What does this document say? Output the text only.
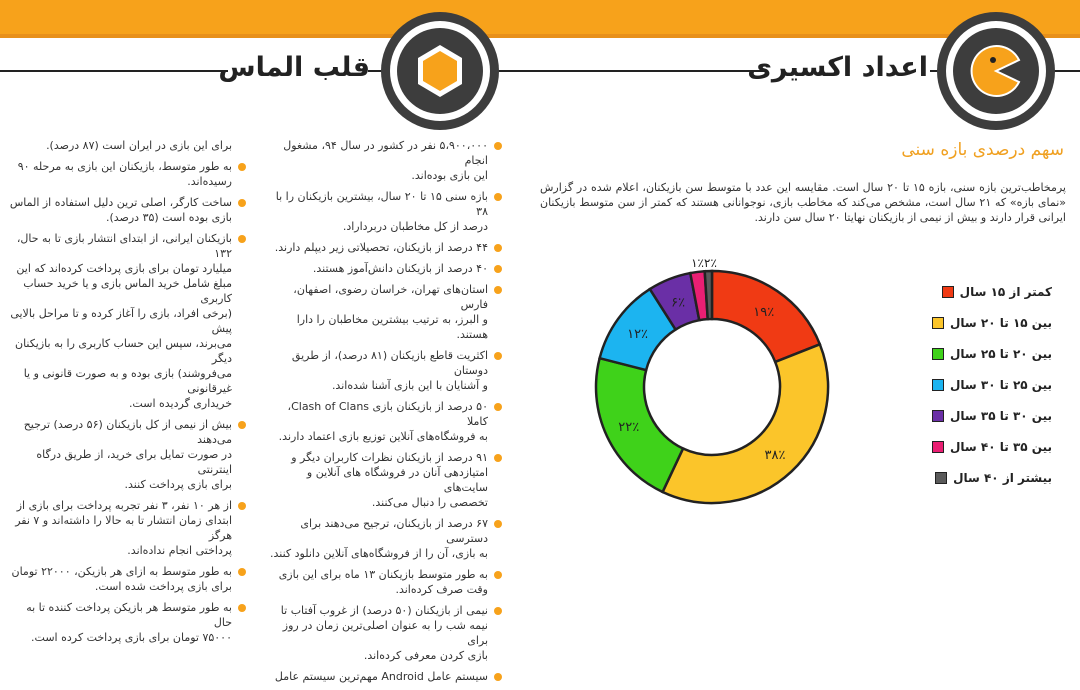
اعداد اکسیری
قلب الماس
سهم درصدی بازه سنی
پرمخاطب‌ترین بازه سنی، بازه ۱۵ تا ۲۰ سال است. مقایسه این عدد با متوسط سن بازیکنان، اعلام شده در گزارش «نمای بازه» که ۲۱ سال است، مشخص می‌کند که مخاطب بازی، نوجوانانی هستند که کمتر از سن متوسط بازیکنان ایرانی قرار دارند و بیش از نیمی از بازیکنان نهایتا ۲۰ سال سن دارند.

۵،۹۰۰،۰۰۰ نفر در کشور در سال ۹۴، مشغول انجام
این بازی بوده‌اند.

بازه سنی ۱۵ تا ۲۰ سال، بیشترین بازیکنان را با ۳۸
درصد از کل مخاطبان دربرداراد.

۴۴ درصد از بازیکنان، تحصیلاتی زیر دیپلم دارند.

۴۰ درصد از بازیکنان دانش‌آموز هستند.

استان‌های تهران، خراسان رضوی، اصفهان، فارس
و البرز، به ترتیب بیشترین مخاطبان را دارا هستند.

اکثریت قاطع بازیکنان (۸۱ درصد)، از طریق دوستان
و آشنایان با این بازی آشنا شده‌اند.

۵۰ درصد از بازیکنان بازی Clash of Clans، کاملا
به فروشگاه‌های آنلاین توزیع بازی اعتماد دارند.

۹۱ درصد از بازیکنان نظرات کاربران دیگر و
امتیازدهی آنان در فروشگاه های آنلاین و سایت‌های
تخصصی را دنبال می‌کنند.

۶۷ درصد از بازیکنان، ترجیح می‌دهند برای دسترسی
به بازی، آن را از فروشگاه‌های آنلاین دانلود کنند.

به طور متوسط بازیکنان ۱۳ ماه برای این بازی
وقت صرف کرده‌اند.

نیمی از بازیکنان (۵۰ درصد) از غروب آفتاب تا
نیمه شب را به عنوان اصلی‌ترین زمان در روز برای
بازی کردن معرفی کرده‌اند.

سیستم عامل Android مهم‌ترین سیستم عامل

برای این بازی در ایران است (۸۷ درصد).

به طور متوسط، بازیکنان این بازی به مرحله ۹۰
رسیده‌اند.

ساخت کارگر، اصلی ترین دلیل استفاده از الماس
بازی بوده است (۳۵ درصد).

بازیکنان ایرانی، از ابتدای انتشار بازی تا به حال، ۱۳۲
میلیارد تومان برای بازی پرداخت کرده‌اند که این
مبلغ شامل خرید الماس بازی و یا خرید حساب کاربری
(برخی افراد، بازی را آغاز کرده و تا مراحل بالایی پیش
می‌برند، سپس این حساب کاربری را به بازیکنان دیگر
می‌فروشند) بازی بوده و به صورت قانونی و یا غیرقانونی
خریداری گردیده است.

بیش از نیمی از کل بازیکنان (۵۶ درصد) ترجیح می‌دهند
در صورت تمایل برای خرید، از طریق درگاه اینترنتی
برای بازی پرداخت کنند.

از هر ۱۰ نفر، ۳ نفر تجربه پرداخت برای بازی از
ابتدای زمان انتشار تا به حالا را داشته‌اند و ۷ نفر هرگز
پرداختی انجام نداده‌اند.

به طور متوسط به ازای هر بازیکن، ۲۲۰۰۰ تومان
برای بازی پرداخت شده است.

به طور متوسط هر بازیکن پرداخت کننده تا به حال
۷۵۰۰۰ تومان برای بازی پرداخت کرده است.

۱۹٪
۳۸٪
۲۲٪
۱۲٪
۶٪
۱٪۲٪
کمتر از ۱۵ سال
بین ۱۵ تا ۲۰ سال
بین ۲۰ تا ۲۵ سال
بین ۲۵ تا ۳۰ سال
بین ۳۰ تا ۳۵ سال
بین ۳۵ تا ۴۰ سال
بیشتر از ۴۰ سال
